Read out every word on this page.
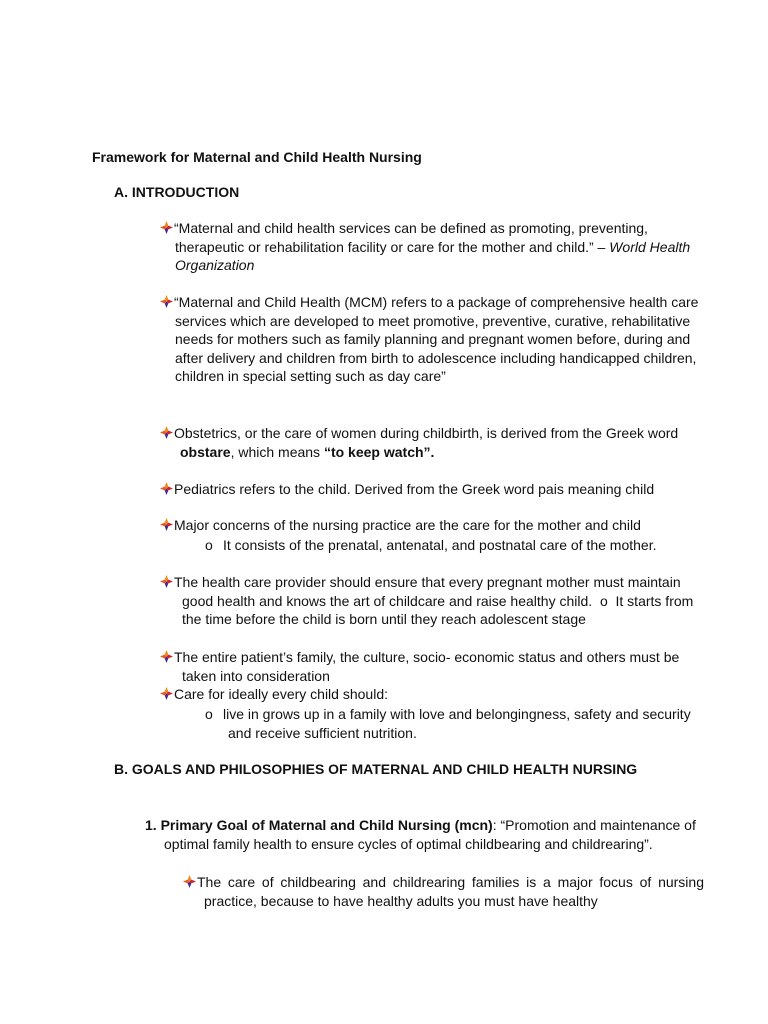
Framework for Maternal and Child Health Nursing

A. INTRODUCTION

“Maternal and child health services can be defined as promoting, preventing, therapeutic or rehabilitation facility or care for the mother and child.” – World Health Organization

“Maternal and Child Health (MCM) refers to a package of comprehensive health care services which are developed to meet promotive, preventive, curative, rehabilitative needs for mothers such as family planning and pregnant women before, during and after delivery and children from birth to adolescence including handicapped children, children in special setting such as day care”

Obstetrics, or the care of women during childbirth, is derived from the Greek word obstare, which means “to keep watch”.

Pediatrics refers to the child. Derived from the Greek word pais meaning child

Major concerns of the nursing practice are the care for the mother and child

o It consists of the prenatal, antenatal, and postnatal care of the mother.

The health care provider should ensure that every pregnant mother must maintain good health and knows the art of childcare and raise healthy child. o It starts from the time before the child is born until they reach adolescent stage

The entire patient’s family, the culture, socio- economic status and others must be taken into consideration

Care for ideally every child should:

o live in grows up in a family with love and belongingness, safety and security and receive sufficient nutrition.

B. GOALS AND PHILOSOPHIES OF MATERNAL AND CHILD HEALTH NURSING

1. Primary Goal of Maternal and Child Nursing (mcn): “Promotion and maintenance of optimal family health to ensure cycles of optimal childbearing and childrearing”.

The care of childbearing and childrearing families is a major focus of nursing practice, because to have healthy adults you must have healthy
